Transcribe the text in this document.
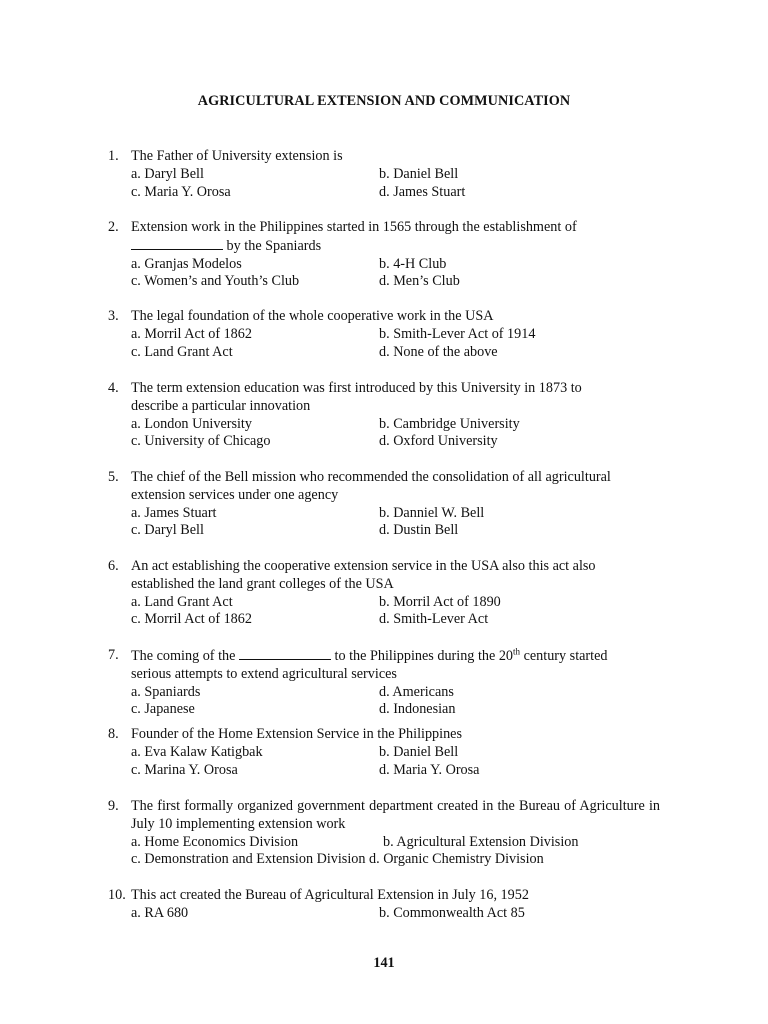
AGRICULTURAL EXTENSION AND COMMUNICATION
1. The Father of University extension is
a. Daryl Bell	b. Daniel Bell
c. Maria Y. Orosa	d. James Stuart
2. Extension work in the Philippines started in 1565 through the establishment of
by the Spaniards
a. Granjas Modelos	b. 4-H Club
c. Women’s and Youth’s Club	d. Men’s Club
3. The legal foundation of the whole cooperative work in the USA
a. Morril Act of 1862	b. Smith-Lever Act of 1914
c. Land Grant Act	d. None of the above
4. The term extension education was first introduced by this University in 1873 to
describe a particular innovation
a. London University	b. Cambridge University
c. University of Chicago	d. Oxford University
5. The chief of the Bell mission who recommended the consolidation of all agricultural
extension services under one agency
a. James Stuart	b. Danniel W. Bell
c. Daryl Bell	d. Dustin Bell
6. An act establishing the cooperative extension service in the USA also this act also
established the land grant colleges of the USA
a. Land Grant Act	b. Morril Act of 1890
c. Morril Act of 1862	d. Smith-Lever Act
7. The coming of the	to the Philippines during the 20th century started
serious attempts to extend agricultural services
a. Spaniards	d. Americans
c. Japanese	d. Indonesian
8. Founder of the Home Extension Service in the Philippines
a. Eva Kalaw Katigbak	b. Daniel Bell
c. Marina Y. Orosa	d. Maria Y. Orosa
9. The first formally organized government department created in the Bureau of Agriculture in July 10 implementing extension work
a. Home Economics Division	b. Agricultural Extension Division
c. Demonstration and Extension Division d. Organic Chemistry Division
10. This act created the Bureau of Agricultural Extension in July 16, 1952
a. RA 680	b. Commonwealth Act 85
141
